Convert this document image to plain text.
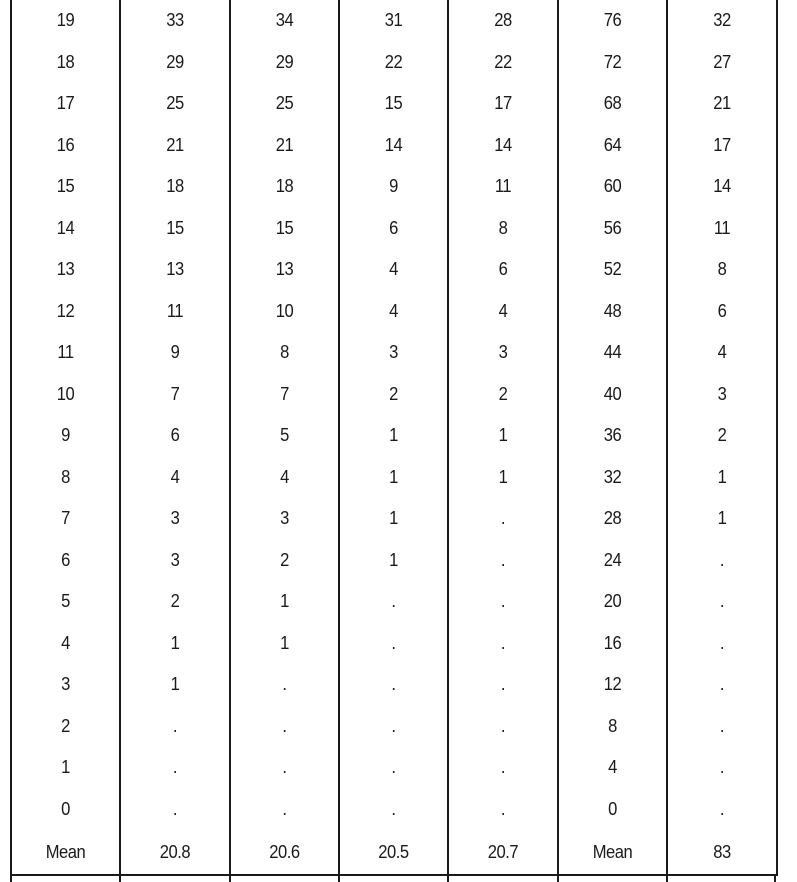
19	33	34	31	28	76	32
18	29	29	22	22	72	27
17	25	25	15	17	68	21
16	21	21	14	14	64	17
15	18	18	9	11	60	14
14	15	15	6	8	56	11
13	13	13	4	6	52	8
12	11	10	4	4	48	6
11	9	8	3	3	44	4
10	7	7	2	2	40	3
9	6	5	1	1	36	2
8	4	4	1	1	32	1
7	3	3	1	.	28	1
6	3	2	1	.	24	.
5	2	1	.	.	20	.
4	1	1	.	.	16	.
3	1	.	.	.	12	.
2	.	.	.	.	8	.
1	.	.	.	.	4	.
0	.	.	.	.	0	.
Mean	20.8	20.6	20.5	20.7	Mean	83
